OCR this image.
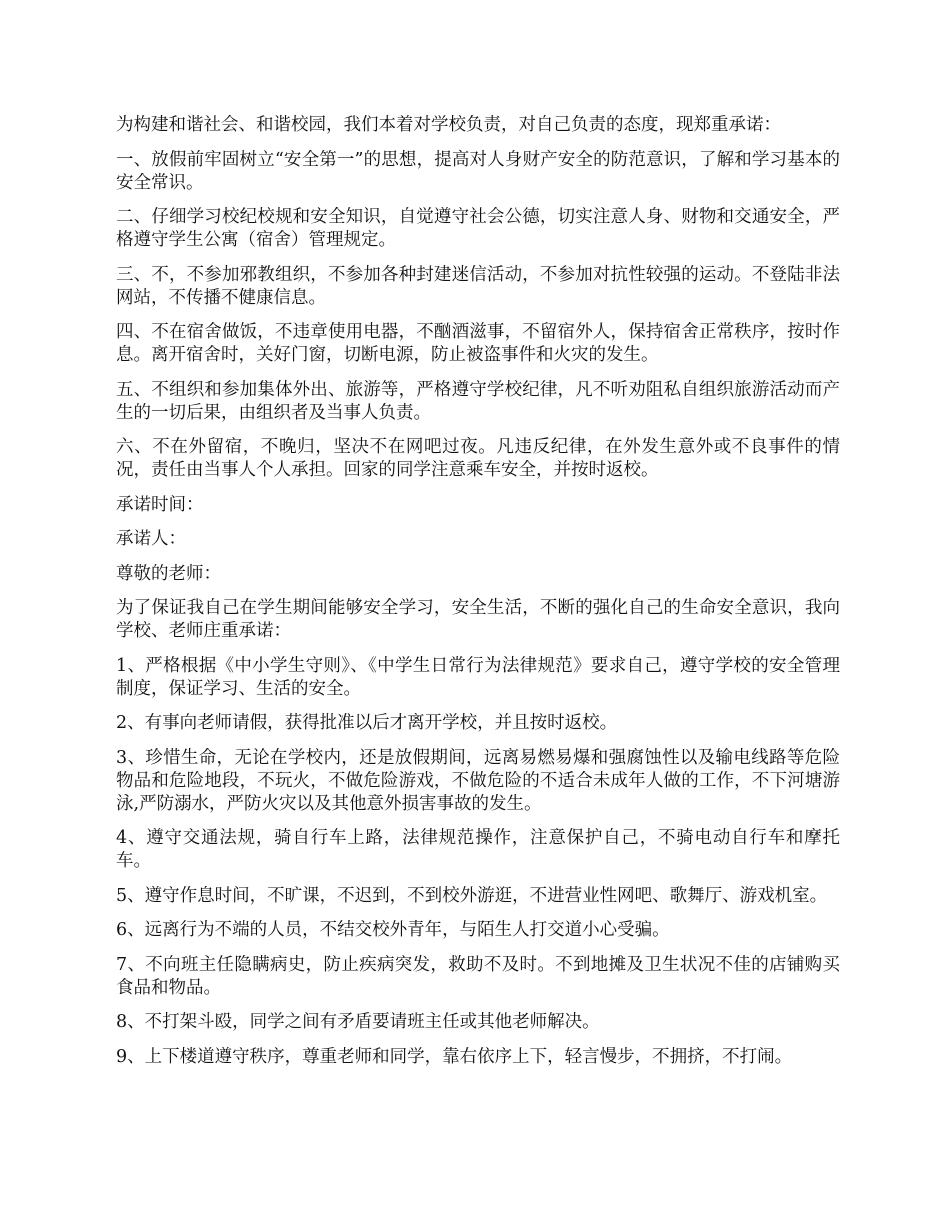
为构建和谐社会、和谐校园，我们本着对学校负责，对自己负责的态度，现郑重承诺：

一、放假前牢固树立“安全第一”的思想，提高对人身财产安全的防范意识，了解和学习基本的安全常识。

二、仔细学习校纪校规和安全知识，自觉遵守社会公德，切实注意人身、财物和交通安全，严格遵守学生公寓（宿舍）管理规定。

三、不，不参加邪教组织，不参加各种封建迷信活动，不参加对抗性较强的运动。不登陆非法网站，不传播不健康信息。

四、不在宿舍做饭，不违章使用电器，不酗酒滋事，不留宿外人，保持宿舍正常秩序，按时作息。离开宿舍时，关好门窗，切断电源，防止被盗事件和火灾的发生。

五、不组织和参加集体外出、旅游等，严格遵守学校纪律，凡不听劝阻私自组织旅游活动而产生的一切后果，由组织者及当事人负责。

六、不在外留宿，不晚归，坚决不在网吧过夜。凡违反纪律，在外发生意外或不良事件的情况，责任由当事人个人承担。回家的同学注意乘车安全，并按时返校。

承诺时间：

承诺人：

尊敬的老师：

为了保证我自己在学生期间能够安全学习，安全生活，不断的强化自己的生命安全意识，我向学校、老师庄重承诺：

1、严格根据《中小学生守则》、《中学生日常行为法律规范》要求自己，遵守学校的安全管理制度，保证学习、生活的安全。

2、有事向老师请假，获得批准以后才离开学校，并且按时返校。

3、珍惜生命，无论在学校内，还是放假期间，远离易燃易爆和强腐蚀性以及输电线路等危险物品和危险地段，不玩火，不做危险游戏，不做危险的不适合未成年人做的工作，不下河塘游泳,严防溺水，严防火灾以及其他意外损害事故的发生。

4、遵守交通法规，骑自行车上路，法律规范操作，注意保护自己，不骑电动自行车和摩托车。

5、遵守作息时间，不旷课，不迟到，不到校外游逛，不进营业性网吧、歌舞厅、游戏机室。

6、远离行为不端的人员，不结交校外青年，与陌生人打交道小心受骗。

7、不向班主任隐瞒病史，防止疾病突发，救助不及时。不到地摊及卫生状况不佳的店铺购买食品和物品。

8、不打架斗殴，同学之间有矛盾要请班主任或其他老师解决。

9、上下楼道遵守秩序，尊重老师和同学，靠右依序上下，轻言慢步，不拥挤，不打闹。
